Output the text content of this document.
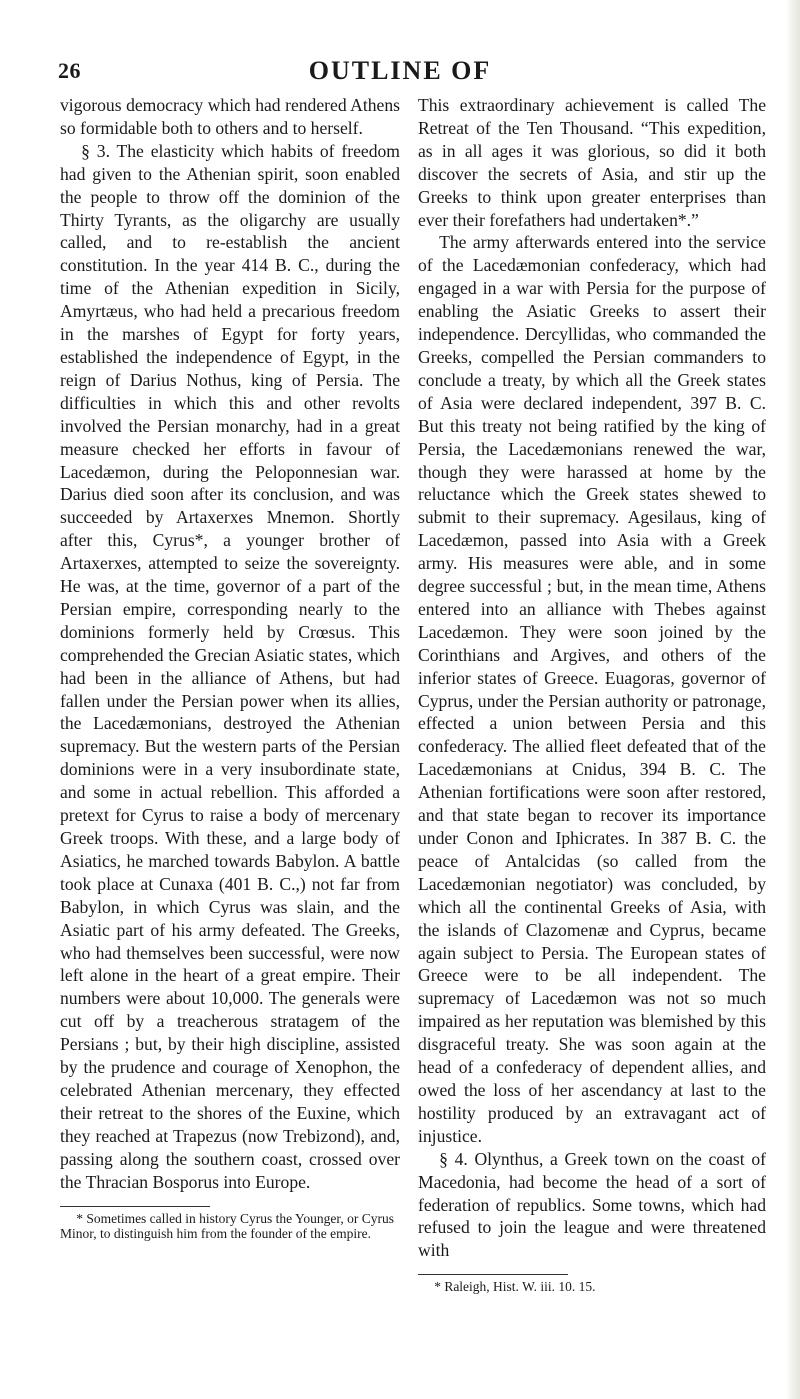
26	OUTLINE OF

vigorous democracy which had rendered Athens so formidable both to others and to herself.

§ 3. The elasticity which habits of freedom had given to the Athenian spirit, soon enabled the people to throw off the dominion of the Thirty Tyrants, as the oligarchy are usually called, and to re-establish the ancient constitution. In the year 414 B. C., during the time of the Athenian expedition in Sicily, Amyrtæus, who had held a precarious freedom in the marshes of Egypt for forty years, established the independence of Egypt, in the reign of Darius Nothus, king of Persia. The difficulties in which this and other revolts involved the Persian monarchy, had in a great measure checked her efforts in favour of Lacedæmon, during the Peloponnesian war. Darius died soon after its conclusion, and was succeeded by Artaxerxes Mnemon. Shortly after this, Cyrus*, a younger brother of Artaxerxes, attempted to seize the sovereignty. He was, at the time, governor of a part of the Persian empire, corresponding nearly to the dominions formerly held by Crœsus. This comprehended the Grecian Asiatic states, which had been in the alliance of Athens, but had fallen under the Persian power when its allies, the Lacedæmonians, destroyed the Athenian supremacy. But the western parts of the Persian dominions were in a very insubordinate state, and some in actual rebellion. This afforded a pretext for Cyrus to raise a body of mercenary Greek troops. With these, and a large body of Asiatics, he marched towards Babylon. A battle took place at Cunaxa (401 B. C.,) not far from Babylon, in which Cyrus was slain, and the Asiatic part of his army defeated. The Greeks, who had themselves been successful, were now left alone in the heart of a great empire. Their numbers were about 10,000. The generals were cut off by a treacherous stratagem of the Persians ; but, by their high discipline, assisted by the prudence and courage of Xenophon, the celebrated Athenian mercenary, they effected their retreat to the shores of the Euxine, which they reached at Trapezus (now Trebizond), and, passing along the southern coast, crossed over the Thracian Bosporus into Europe.

* Sometimes called in history Cyrus the Younger, or Cyrus Minor, to distinguish him from the founder of the empire.

This extraordinary achievement is called The Retreat of the Ten Thousand. “This expedition, as in all ages it was glorious, so did it both discover the secrets of Asia, and stir up the Greeks to think upon greater enterprises than ever their forefathers had undertaken*.”

The army afterwards entered into the service of the Lacedæmonian confederacy, which had engaged in a war with Persia for the purpose of enabling the Asiatic Greeks to assert their independence. Dercyllidas, who commanded the Greeks, compelled the Persian commanders to conclude a treaty, by which all the Greek states of Asia were declared independent, 397 B. C. But this treaty not being ratified by the king of Persia, the Lacedæmonians renewed the war, though they were harassed at home by the reluctance which the Greek states shewed to submit to their supremacy. Agesilaus, king of Lacedæmon, passed into Asia with a Greek army. His measures were able, and in some degree successful ; but, in the mean time, Athens entered into an alliance with Thebes against Lacedæmon. They were soon joined by the Corinthians and Argives, and others of the inferior states of Greece. Euagoras, governor of Cyprus, under the Persian authority or patronage, effected a union between Persia and this confederacy. The allied fleet defeated that of the Lacedæmonians at Cnidus, 394 B. C. The Athenian fortifications were soon after restored, and that state began to recover its importance under Conon and Iphicrates. In 387 B. C. the peace of Antalcidas (so called from the Lacedæmonian negotiator) was concluded, by which all the continental Greeks of Asia, with the islands of Clazomenæ and Cyprus, became again subject to Persia. The European states of Greece were to be all independent. The supremacy of Lacedæmon was not so much impaired as her reputation was blemished by this disgraceful treaty. She was soon again at the head of a confederacy of dependent allies, and owed the loss of her ascendancy at last to the hostility produced by an extravagant act of injustice.

§ 4. Olynthus, a Greek town on the coast of Macedonia, had become the head of a sort of federation of republics. Some towns, which had refused to join the league and were threatened with

* Raleigh, Hist. W. iii. 10. 15.
